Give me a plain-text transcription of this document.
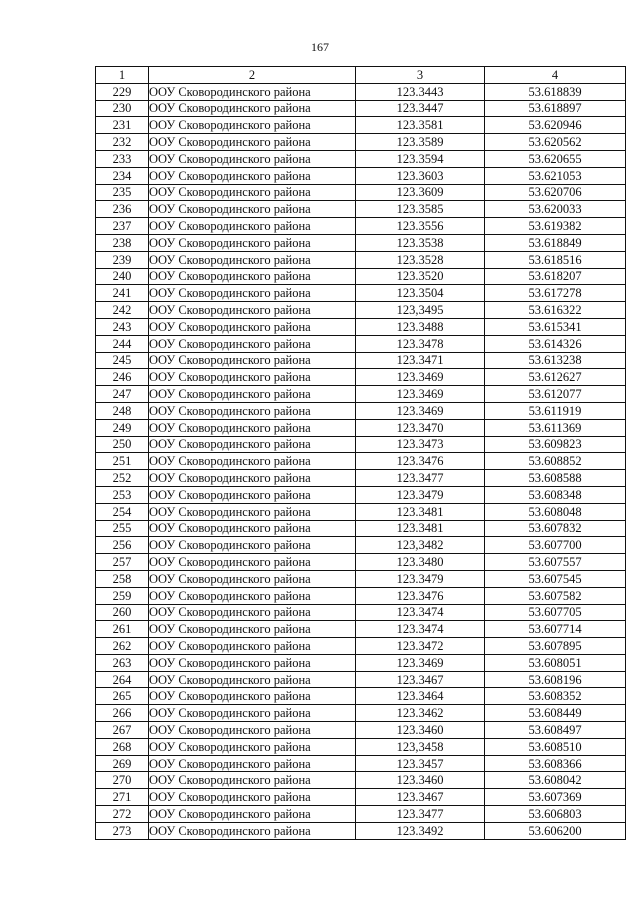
167
1	2	3	4
229	ООУ Сковородинского района	123.3443	53.618839
230	ООУ Сковородинского района	123.3447	53.618897
231	ООУ Сковородинского района	123.3581	53.620946
232	ООУ Сковородинского района	123.3589	53.620562
233	ООУ Сковородинского района	123.3594	53.620655
234	ООУ Сковородинского района	123.3603	53.621053
235	ООУ Сковородинского района	123.3609	53.620706
236	ООУ Сковородинского района	123.3585	53.620033
237	ООУ Сковородинского района	123.3556	53.619382
238	ООУ Сковородинского района	123.3538	53.618849
239	ООУ Сковородинского района	123.3528	53.618516
240	ООУ Сковородинского района	123.3520	53.618207
241	ООУ Сковородинского района	123.3504	53.617278
242	ООУ Сковородинского района	123,3495	53.616322
243	ООУ Сковородинского района	123.3488	53.615341
244	ООУ Сковородинского района	123.3478	53.614326
245	ООУ Сковородинского района	123.3471	53.613238
246	ООУ Сковородинского района	123.3469	53.612627
247	ООУ Сковородинского района	123.3469	53.612077
248	ООУ Сковородинского района	123.3469	53.611919
249	ООУ Сковородинского района	123.3470	53.611369
250	ООУ Сковородинского района	123.3473	53.609823
251	ООУ Сковородинского района	123.3476	53.608852
252	ООУ Сковородинского района	123.3477	53.608588
253	ООУ Сковородинского района	123.3479	53.608348
254	ООУ Сковородинского района	123.3481	53.608048
255	ООУ Сковородинского района	123.3481	53.607832
256	ООУ Сковородинского района	123,3482	53.607700
257	ООУ Сковородинского района	123.3480	53.607557
258	ООУ Сковородинского района	123.3479	53.607545
259	ООУ Сковородинского района	123.3476	53.607582
260	ООУ Сковородинского района	123.3474	53.607705
261	ООУ Сковородинского района	123.3474	53.607714
262	ООУ Сковородинского района	123.3472	53.607895
263	ООУ Сковородинского района	123.3469	53.608051
264	ООУ Сковородинского района	123.3467	53.608196
265	ООУ Сковородинского района	123.3464	53.608352
266	ООУ Сковородинского района	123.3462	53.608449
267	ООУ Сковородинского района	123.3460	53.608497
268	ООУ Сковородинского района	123,3458	53.608510
269	ООУ Сковородинского района	123.3457	53.608366
270	ООУ Сковородинского района	123.3460	53.608042
271	ООУ Сковородинского района	123.3467	53.607369
272	ООУ Сковородинского района	123.3477	53.606803
273	ООУ Сковородинского района	123.3492	53.606200
